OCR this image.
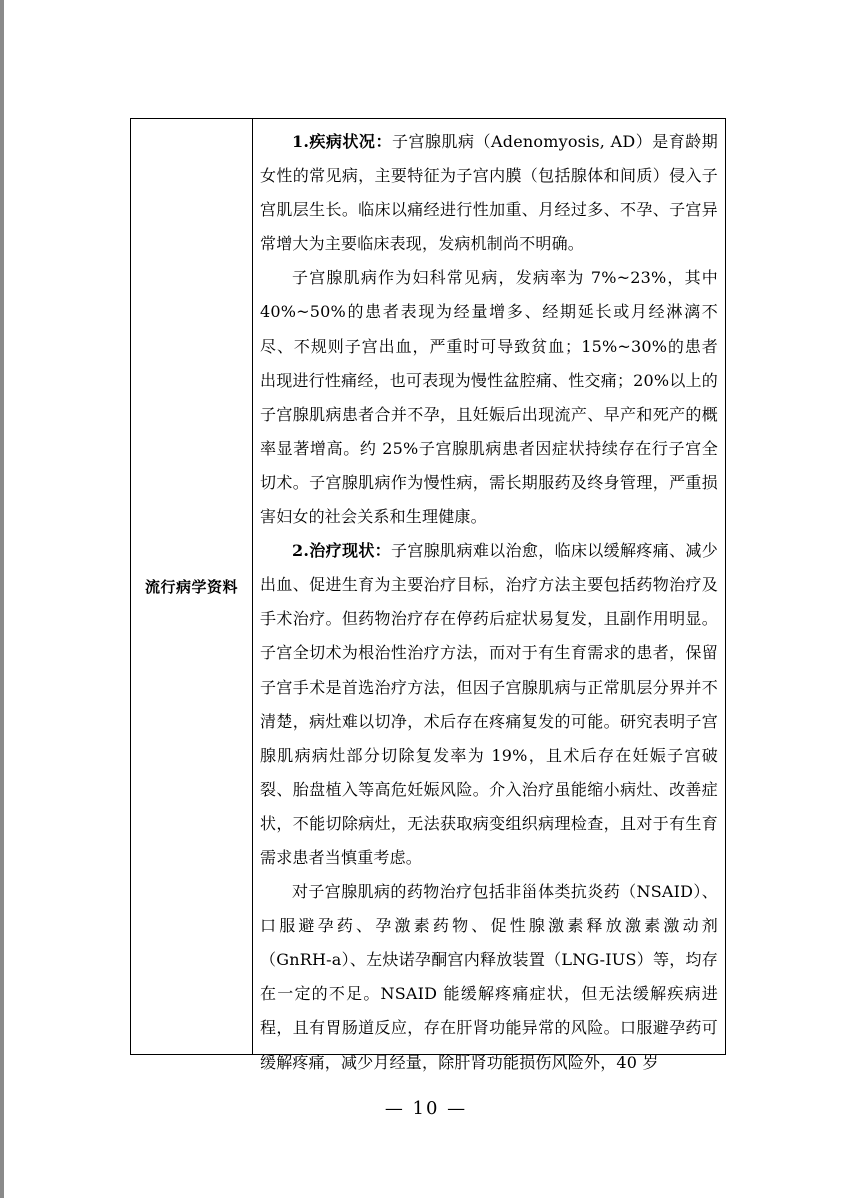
流行病学资料

1.疾病状况：子宫腺肌病（Adenomyosis, AD）是育龄期女性的常见病，主要特征为子宫内膜（包括腺体和间质）侵入子宫肌层生长。临床以痛经进行性加重、月经过多、不孕、子宫异常增大为主要临床表现，发病机制尚不明确。

子宫腺肌病作为妇科常见病，发病率为 7%~23%，其中 40%~50%的患者表现为经量增多、经期延长或月经淋漓不尽、不规则子宫出血，严重时可导致贫血；15%~30%的患者出现进行性痛经，也可表现为慢性盆腔痛、性交痛；20%以上的子宫腺肌病患者合并不孕，且妊娠后出现流产、早产和死产的概率显著增高。约 25%子宫腺肌病患者因症状持续存在行子宫全切术。子宫腺肌病作为慢性病，需长期服药及终身管理，严重损害妇女的社会关系和生理健康。

2.治疗现状：子宫腺肌病难以治愈，临床以缓解疼痛、减少出血、促进生育为主要治疗目标，治疗方法主要包括药物治疗及手术治疗。但药物治疗存在停药后症状易复发，且副作用明显。子宫全切术为根治性治疗方法，而对于有生育需求的患者，保留子宫手术是首选治疗方法，但因子宫腺肌病与正常肌层分界并不清楚，病灶难以切净，术后存在疼痛复发的可能。研究表明子宫腺肌病病灶部分切除复发率为 19%，且术后存在妊娠子宫破裂、胎盘植入等高危妊娠风险。介入治疗虽能缩小病灶、改善症状，不能切除病灶，无法获取病变组织病理检查，且对于有生育需求患者当慎重考虑。

对子宫腺肌病的药物治疗包括非甾体类抗炎药（NSAID）、口服避孕药、孕激素药物、促性腺激素释放激素激动剂（GnRH-a）、左炔诺孕酮宫内释放装置（LNG-IUS）等，均存在一定的不足。NSAID 能缓解疼痛症状，但无法缓解疾病进程，且有胃肠道反应，存在肝肾功能异常的风险。口服避孕药可缓解疼痛，减少月经量，除肝肾功能损伤风险外，40 岁

— 10 —
